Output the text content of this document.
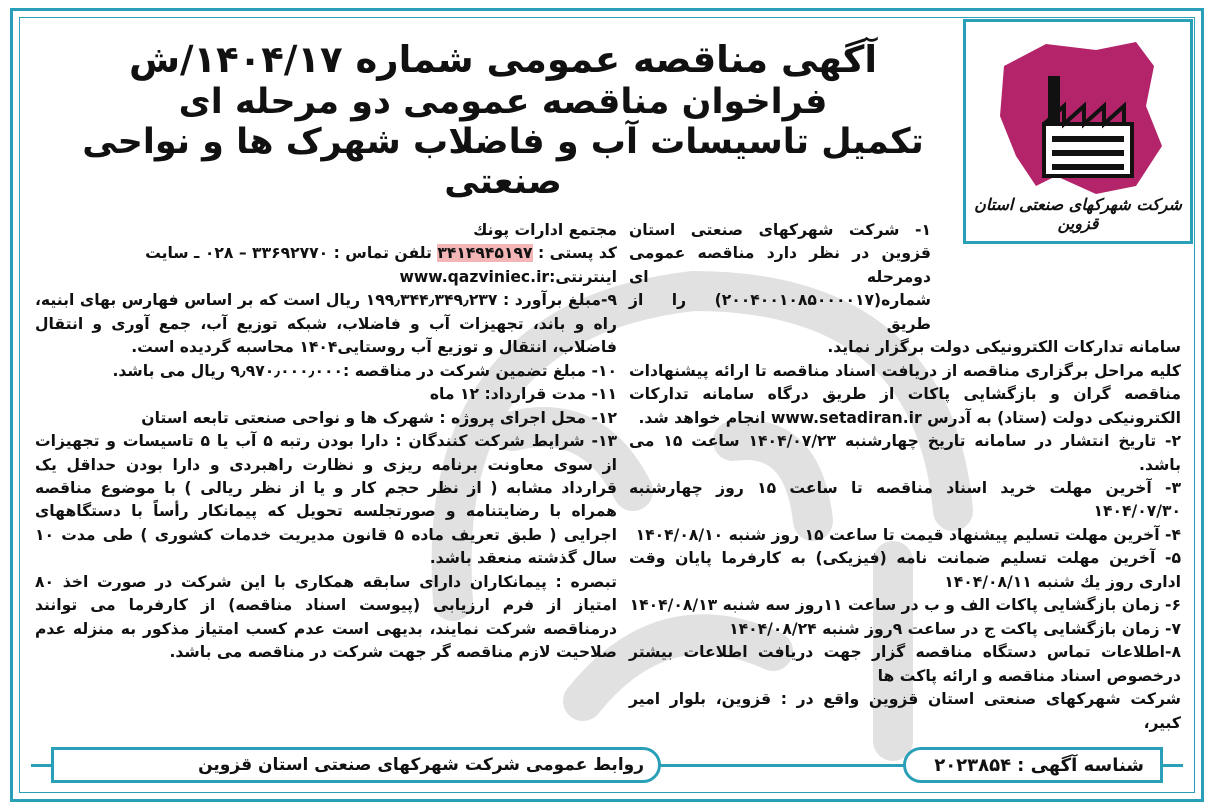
شرکت شهرکهای صنعتی استان قزوین
آگهی مناقصه عمومی شماره ۱۴۰۴/۱۷/ش
فراخوان مناقصه عمومی دو مرحله ای
تکمیل تاسیسات آب و فاضلاب شهرک ها و نواحی صنعتی

۱- شرکت شهرکهای صنعتی استان قزوین در نظر دارد مناقصه عمومی دومرحله ای شماره(۲۰۰۴۰۰۱۰۸۵۰۰۰۰۱۷) را از طریق

سامانه تدارکات الکترونیکی دولت برگزار نماید.

کلیه مراحل برگزاری مناقصه از دریافت اسناد مناقصه تا ارائه پیشنهادات مناقصه گران و بازگشایی پاکات از طریق درگاه سامانه تدارکات الکترونیکی دولت (ستاد) به آدرس www.setadiran.ir انجام خواهد شد.

۲- تاریخ انتشار در سامانه تاریخ چهارشنبه ۱۴۰۴/۰۷/۲۳ ساعت ۱۵ می باشد.

۳- آخرین مهلت خرید اسناد مناقصه تا ساعت ۱۵ روز چهارشنبه ۱۴۰۴/۰۷/۳۰

۴- آخرین مهلت تسلیم پیشنهاد قیمت تا ساعت ۱۵ روز شنبه ۱۴۰۴/۰۸/۱۰

۵- آخرین مهلت تسلیم ضمانت نامه (فیزیکی) به کارفرما پایان وقت اداری روز یك شنبه ۱۴۰۴/۰۸/۱۱

۶- زمان بازگشایی پاکات الف و ب در ساعت ۱۱روز سه شنبه ۱۴۰۴/۰۸/۱۳

۷- زمان بازگشایی پاکت ج در ساعت ۹روز شنبه ۱۴۰۴/۰۸/۲۴

۸-اطلاعات تماس دستگاه مناقصه گزار جهت دریافت اطلاعات بیشتر درخصوص اسناد مناقصه و ارائه پاکت ها

شرکت شهرکهای صنعتی استان قزوین واقع در : قزوین، بلوار امیر کبیر،

مجتمع ادارات پونك

کد پستی : ۳۴۱۴۹۴۵۱۹۷ تلفن تماس : ۳۳۶۹۲۷۷۰ – ۰۲۸ ـ سایت

اینترنتی:www.qazviniec.ir

۹-مبلغ برآورد : ۱۹۹٫۳۴۴٫۳۴۹٫۲۳۷ ریال است که بر اساس فهارس بهای ابنیه، راه و باند، تجهیزات آب و فاضلاب، شبکه توزیع آب، جمع آوری و انتقال فاضلاب، انتقال و توزیع آب روستایی۱۴۰۴ محاسبه گردیده است.

۱۰- مبلغ تضمین شرکت در مناقصه :۹٫۹۷۰٫۰۰۰٫۰۰۰ ریال می باشد.

۱۱- مدت قرارداد: ۱۲ ماه

۱۲- محل اجرای پروژه : شهرک ها و نواحی صنعتی تابعه استان

۱۳- شرایط شرکت کنندگان : دارا بودن رتبه ۵ آب یا ۵ تاسیسات و تجهیزات از سوی معاونت برنامه ریزی و نظارت راهبردی و دارا بودن حداقل یک قرارداد مشابه ( از نظر حجم کار و یا از نظر ریالی ) با موضوع مناقصه همراه با رضایتنامه و صورتجلسه تحویل که پیمانکار رأساً با دستگاههای اجرایی ( طبق تعریف ماده ۵ قانون مدیریت خدمات کشوری ) طی مدت ۱۰ سال گذشته منعقد باشد.

تبصره : پیمانکاران دارای سابقه همکاری با این شرکت در صورت اخذ ۸۰ امتیاز از فرم ارزیابی (پیوست اسناد مناقصه) از کارفرما می توانند درمناقصه شرکت نمایند، بدیهی است عدم کسب امتیاز مذکور به منزله عدم صلاحیت لازم مناقصه گر جهت شرکت در مناقصه می باشد.

روابط عمومی شرکت شهرکهای صنعتی استان قزوین	شناسه آگهی :
۲۰۲۳۸۵۴
